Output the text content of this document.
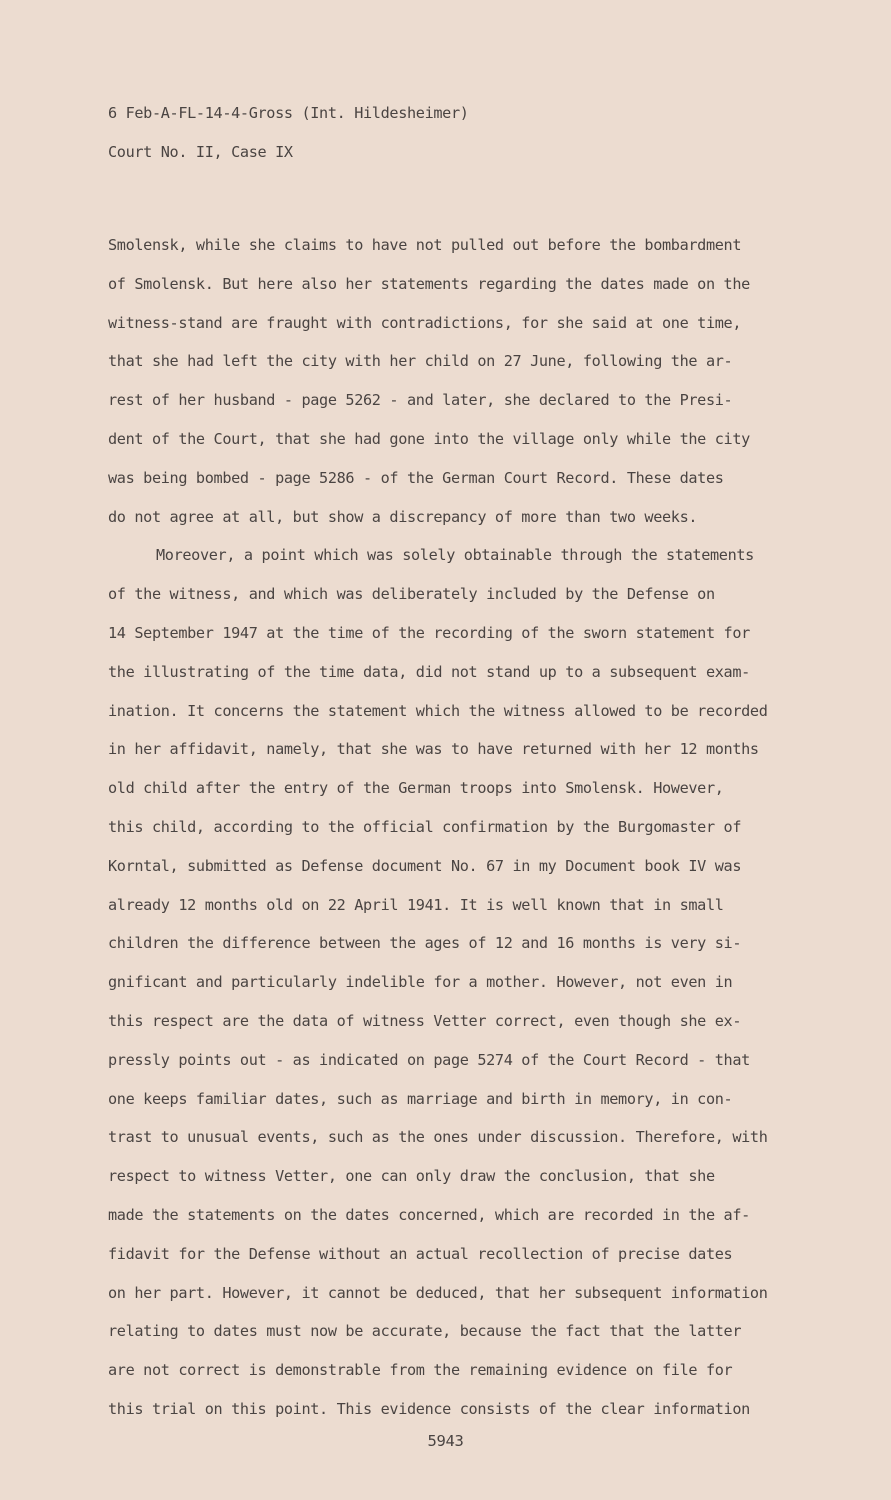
6 Feb-A-FL-14-4-Gross (Int. Hildesheimer)
Court No. II, Case IX
Smolensk, while she claims to have not pulled out before the bombardment
of Smolensk. But here also her statements regarding the dates made on the
witness-stand are fraught with contradictions, for she said at one time,
that she had left the city with her child on 27 June, following the ar-
rest of her husband - page 5262 - and later, she declared to the Presi-
dent of the Court, that she had gone into the village only while the city
was being bombed - page 5286 - of the German Court Record. These dates
do not agree at all, but show a discrepancy of more than two weeks.
Moreover, a point which was solely obtainable through the statements
of the witness, and which was deliberately included by the Defense on
14 September 1947 at the time of the recording of the sworn statement for
the illustrating of the time data, did not stand up to a subsequent exam-
ination. It concerns the statement which the witness allowed to be recorded
in her affidavit, namely, that she was to have returned with her 12 months
old child after the entry of the German troops into Smolensk. However,
this child, according to the official confirmation by the Burgomaster of
Korntal, submitted as Defense document No. 67 in my Document book IV was
already 12 months old on 22 April 1941. It is well known that in small
children the difference between the ages of 12 and 16 months is very si-
gnificant and particularly indelible for a mother. However, not even in
this respect are the data of witness Vetter correct, even though she ex-
pressly points out - as indicated on page 5274 of the Court Record - that
one keeps familiar dates, such as marriage and birth in memory, in con-
trast to unusual events, such as the ones under discussion. Therefore, with
respect to witness Vetter, one can only draw the conclusion, that she
made the statements on the dates concerned, which are recorded in the af-
fidavit for the Defense without an actual recollection of precise dates
on her part. However, it cannot be deduced, that her subsequent information
relating to dates must now be accurate, because the fact that the latter
are not correct is demonstrable from the remaining evidence on file for
this trial on this point. This evidence consists of the clear information
5943
